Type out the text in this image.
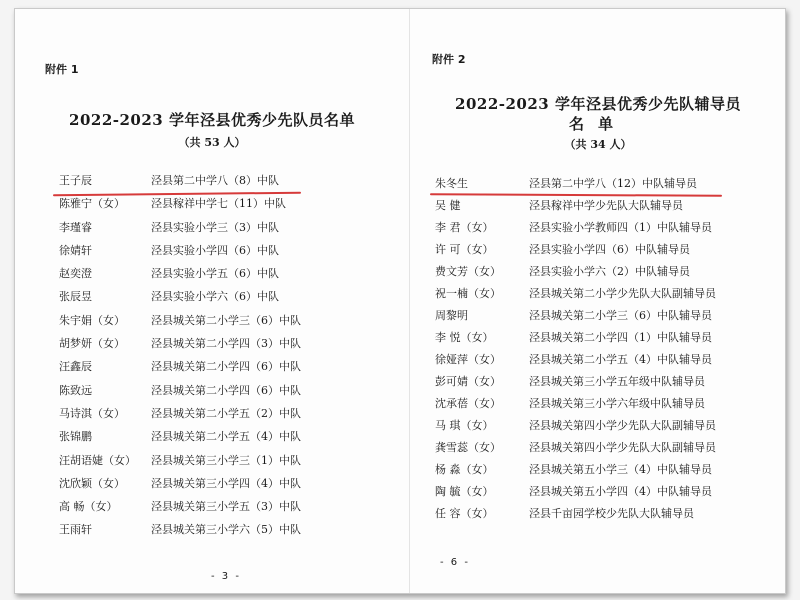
附件 1
2022-2023 学年泾县优秀少先队员名单
（共 53 人）
王子辰	泾县第二中学八（8）中队
陈雅宁（女） 泾县稼祥中学七（11）中队
李瑾睿	泾县实验小学三（3）中队
徐婧轩	泾县实验小学四（6）中队
赵奕澄	泾县实验小学五（6）中队
张辰昱	泾县实验小学六（6）中队
朱宇娟（女） 泾县城关第二小学三（6）中队
胡梦妍（女） 泾县城关第二小学四（3）中队
汪鑫辰	泾县城关第二小学四（6）中队
陈致远	泾县城关第二小学四（6）中队
马诗淇（女） 泾县城关第二小学五（2）中队
张锦鹏	泾县城关第二小学五（4）中队
汪胡语婕（女） 泾县城关第三小学三（1）中队
沈欣颖（女） 泾县城关第三小学四（4）中队
高 畅（女）	泾县城关第三小学五（3）中队
王雨轩	泾县城关第三小学六（5）中队
- 3 -
附件 2
2022-2023 学年泾县优秀少先队辅导员
名单
（共 34 人）
朱冬生	泾县第二中学八（12）中队辅导员
吴 健	泾县稼祥中学少先队大队辅导员
李 君（女）	泾县实验小学教师四（1）中队辅导员
许 可（女）	泾县实验小学四（6）中队辅导员
费文芳（女）	泾县实验小学六（2）中队辅导员
祝一楠（女）	泾县城关第二小学少先队大队副辅导员
周黎明	泾县城关第二小学三（6）中队辅导员
李 悦（女）	泾县城关第二小学四（1）中队辅导员
徐娅萍（女）	泾县城关第二小学五（4）中队辅导员
彭可婧（女）	泾县城关第三小学五年级中队辅导员
沈承蓓（女）	泾县城关第三小学六年级中队辅导员
马 琪（女）	泾县城关第四小学少先队大队副辅导员
龚雪蕊（女）	泾县城关第四小学少先队大队副辅导员
杨 淼（女）	泾县城关第五小学三（4）中队辅导员
陶 毓（女）	泾县城关第五小学四（4）中队辅导员
任 容（女）	泾县千亩园学校少先队大队辅导员
- 6 -
